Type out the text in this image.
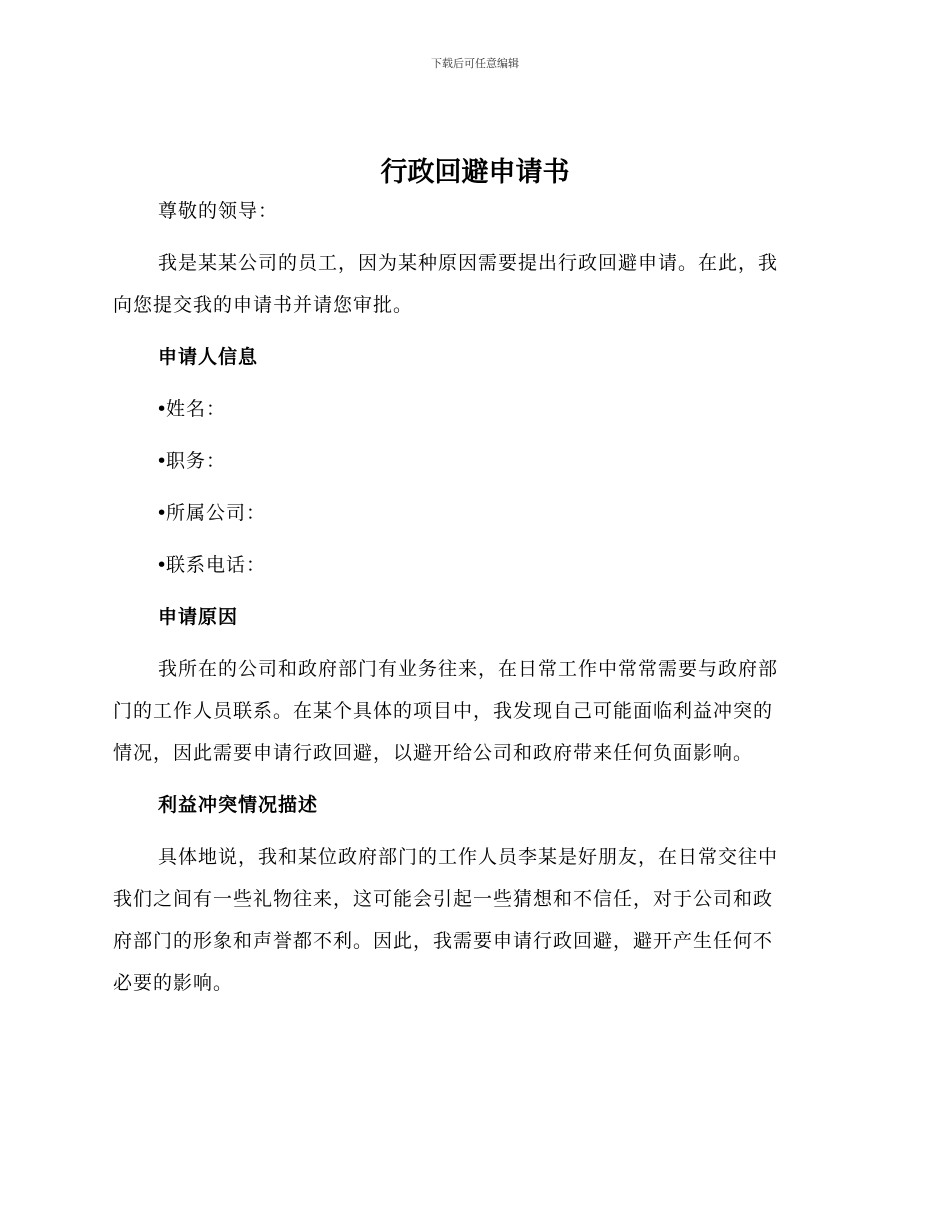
下载后可任意编辑
行政回避申请书
尊敬的领导：
我是某某公司的员工，因为某种原因需要提出行政回避申请。在此，我
向您提交我的申请书并请您审批。
申请人信息
•姓名：
•职务：
•所属公司：
•联系电话：
申请原因
我所在的公司和政府部门有业务往来，在日常工作中常常需要与政府部
门的工作人员联系。在某个具体的项目中，我发现自己可能面临利益冲突的
情况，因此需要申请行政回避，以避开给公司和政府带来任何负面影响。
利益冲突情况描述
具体地说，我和某位政府部门的工作人员李某是好朋友，在日常交往中
我们之间有一些礼物往来，这可能会引起一些猜想和不信任，对于公司和政
府部门的形象和声誉都不利。因此，我需要申请行政回避，避开产生任何不
必要的影响。
